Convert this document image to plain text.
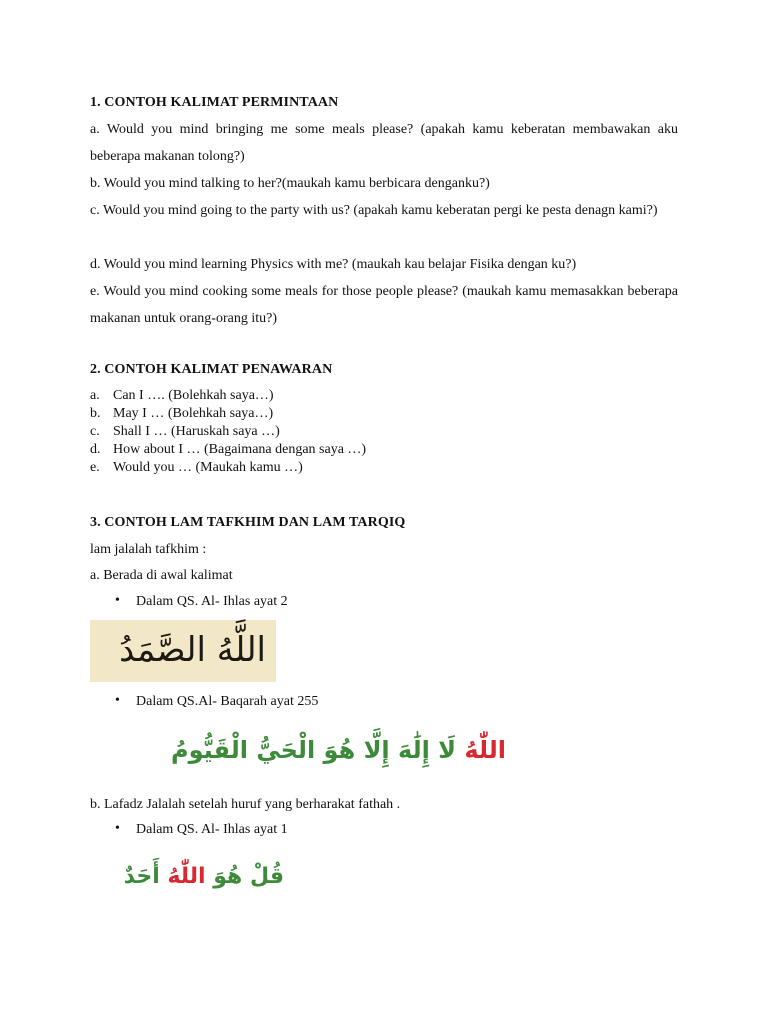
1. CONTOH KALIMAT PERMINTAAN
a. Would you mind bringing me some meals please? (apakah kamu keberatan membawakan aku beberapa makanan tolong?)
b. Would you mind talking to her?(maukah kamu berbicara denganku?)
c. Would you mind going to the party with us? (apakah kamu keberatan pergi ke pesta denagn kami?)
d. Would you mind learning Physics with me? (maukah kau belajar Fisika dengan ku?)
e. Would you mind cooking some meals for those people please? (maukah kamu memasakkan beberapa makanan untuk orang-orang itu?)
2. CONTOH KALIMAT PENAWARAN
a. Can I …. (Bolehkah saya…)
b. May I … (Bolehkah saya…)
c. Shall I … (Haruskah saya …)
d. How about I … (Bagaimana dengan saya …)
e. Would you … (Maukah kamu …)
3. CONTOH LAM TAFKHIM DAN LAM TARQIQ
lam jalalah tafkhim :
a. Berada di awal kalimat
• Dalam QS. Al- Ihlas ayat 2
اللَّهُ الصَّمَدُ
• Dalam QS.Al- Baqarah ayat 255
اللّٰهُ لَا إِلَٰهَ إِلَّا هُوَ الْحَيُّ الْقَيُّومُ
b. Lafadz Jalalah setelah huruf yang berharakat fathah .
• Dalam QS. Al- Ihlas ayat 1
قُلْ هُوَ اللّٰهُ أَحَدٌ
